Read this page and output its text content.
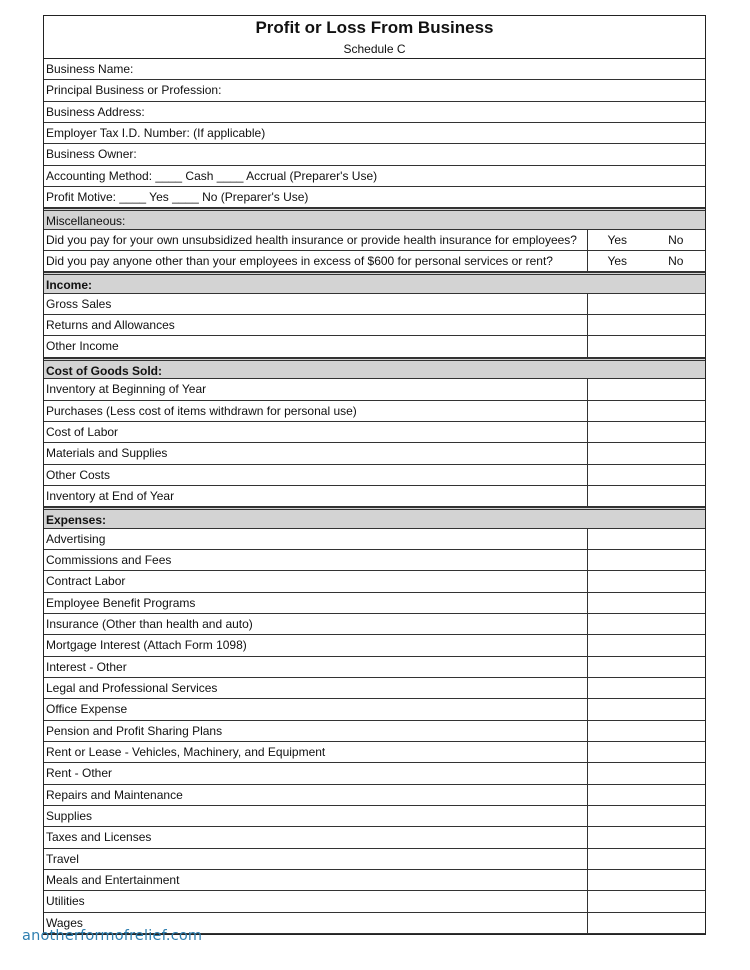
Profit or Loss From Business
Schedule C
Business Name:
Principal Business or Profession:
Business Address:
Employer Tax I.D. Number: (If applicable)
Business Owner:
Accounting Method: ____ Cash ____ Accrual (Preparer's Use)
Profit Motive: ____ Yes ____ No (Preparer's Use)
Miscellaneous:
Did you pay for your own unsubsidized health insurance or provide health insurance for employees?	Yes	No
Did you pay anyone other than your employees in excess of $600 for personal services or rent?	Yes	No
Income:
Gross Sales
Returns and Allowances
Other Income
Cost of Goods Sold:
Inventory at Beginning of Year
Purchases (Less cost of items withdrawn for personal use)
Cost of Labor
Materials and Supplies
Other Costs
Inventory at End of Year
Expenses:
Advertising
Commissions and Fees
Contract Labor
Employee Benefit Programs
Insurance (Other than health and auto)
Mortgage Interest (Attach Form 1098)
Interest - Other
Legal and Professional Services
Office Expense
Pension and Profit Sharing Plans
Rent or Lease - Vehicles, Machinery, and Equipment
Rent - Other
Repairs and Maintenance
Supplies
Taxes and Licenses
Travel
Meals and Entertainment
Utilities
Wages
anotherformofrelief.com
